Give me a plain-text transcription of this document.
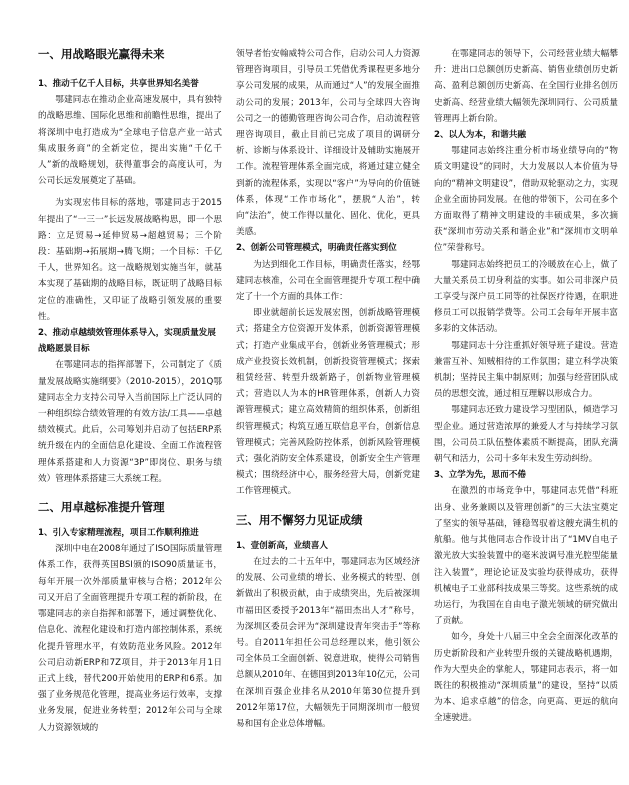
一、用战略眼光赢得未来
1、推动千亿千人目标，共享世界知名美誉

鄂建同志在推动企业高速发展中，具有独特的战略思维、国际化思维和前瞻性思维，提出了将深圳中电打造成为“全球电子信息产业一站式集成服务商”的全新定位，提出实施“千亿千人”新的战略规划，获得董事会的高度认可，为公司长远发展奠定了基础。

为实现宏伟目标的落地，鄂建同志于2015年提出了“一三一”长远发展战略构思，即一个思路：立足贸易→延伸贸易→超越贸易；三个阶段：基础期→拓展期→腾飞期；一个目标：千亿千人，世界知名。这一战略规划实施当年，就基本实现了基础期的战略目标，既证明了战略目标定位的准确性，又印证了战略引领发展的重要性。

2、推动卓越绩效管理体系导入，实现质量发展战略愿景目标

在鄂建同志的指挥部署下，公司制定了《质量发展战略实施纲要》（2010-2015），201Q鄂建同志全力支持公司导入当前国际上广泛认同的一种组织综合绩效管理的有效方法/工具——卓越绩效模式。此后，公司筹划并启动了包括ERP系统升级在内的全面信息化建设、全面工作流程管理体系搭建和人力资源“3P”即岗位、职务与绩效）管理体系搭建三大系统工程。

二、用卓越标准提升管理
1、引入专家精理流程，项目工作顺利推进

深圳中电在2008年通过了ISO国际质量管理体系工作，获得英国BSI颁的ISO90质量证书，每年开展一次外部质量审核与合格；2012年公司又开启了全面管理提升专项工程的新阶段，在鄂建同志的亲自指挥和部署下，通过调整优化、信息化、流程化建设和打造内部控制体系，系统化提升管理水平，有效防范业务风险。2012年公司启动新ERP和7Z项目，并于2013年月1日正式上线，替代200开始使用的ERP和6系。加强了业务规范化管理，提高业务运行效率，支撑业务发展，促进业务转型；2012年公司与全球人力资源领域的

领导者怡安翰威特公司合作，启动公司人力资源管理咨询项目，引导员工凭借优秀课程更多地分享公司发展的成果，从而通过“人”的发展全面推动公司的发展；2013年，公司与全球四大咨询公司之一的德勤管理咨询公司合作，启动流程管理咨询项目，截止目前已完成了项目的调研分析、诊断与体系设计、详细设计及辅助实施展开工作。流程管理体系全面完成，将通过建立健全到新的流程体系，实现以“客户”为导向的价值链体系，体现“工作市场化”，摆脱“人治”，转向“法治”，使工作得以量化、固化、优化，更具美感。

2、创新公司管理模式，明确责任落实到位

为达到细化工作目标，明确责任落实，经鄂建同志核准，公司在全面管理提升专项工程中确定了十一个方面的具体工作：

即业就超前长远发展宏图，创新战略管理模式；搭建全方位资源开发体系，创新资源管理模式；打造产业集成平台，创新业务管理模式；形成产业投资长效机制，创新投资管理模式；探索租赁经营、转型升级新路子，创新物业管理模式；营造以人为本的HR管理体系，创新人力资源管理模式；建立高效精简的组织体系，创新组织管理模式；构筑互通互联信息平台，创新信息管理模式；完善风险防控体系，创新风险管理模式；强化消防安全体系建设，创新安全生产管理模式；围绕经济中心，服务经营大局，创新党建工作管理模式。

三、用不懈努力见证成绩
1、壹创新高，业绩喜人

在过去的二十五年中，鄂建同志为区域经济的发展、公司业绩的增长、业务模式的转型、创新做出了积极贡献，由于成绩突出，先后被深圳市福田区委授予2013年“福田杰出人才”称号，为深圳区委员会评为“深圳建设青年突击手”等称号。自2011年担任公司总经理以来，他引领公司全体员工全面创新、锐意进取，使得公司销售总额从2010年、在德国到2013年10亿元，公司在深圳百强企业排名从2010年第30位提升到2012年第17位，大幅领先于同期深圳市一般贸易和国有企业总体增幅。

在鄂建同志的领导下，公司经营业绩大幅攀升：进出口总额创历史新高、销售业绩创历史新高、盈利总额创历史新高、在全国行业排名创历史新高、经营业绩大幅领先深圳同行、公司质量管理再上新台阶。

2、以人为本，和谐共融

鄂建同志始终注重分析市场业绩导向的“物质文明建设”的同时，大力发展以人本价值为导向的“精神文明建设”，借助双轮驱动之力，实现企业全面协同发展。在他的带领下，公司在多个方面取得了精神文明建设的丰硕成果，多次摘获“深圳市劳动关系和谐企业”和“深圳市文明单位”荣誉称号。

鄂建同志始终把员工的冷暖放在心上，做了大量关系员工切身利益的实事。如公司非深户员工享受与深户员工同等的社保医疗待遇，在职进修员工可以报销学费等。公司工会每年开展丰富多彩的文体活动。

鄂建同志十分注重抓好领导班子建设。营造兼雷互补、知贼相待的工作氛围；建立科学决策机制；坚持民主集中制原则；加强与经营团队成员的思想交流，通过相互理解以形成合力。

鄂建同志还致力建设学习型团队，倾造学习型企业。通过营造浓厚的兼爱人才与持续学习氛围，公司员工队伍整体素质不断提高，团队充满朝气和活力，公司十多年未发生劳动纠纷。

3、立学为先，思而不倦

在激烈的市场竞争中，鄂建同志凭借“科班出身、业务兼顾以及管理创新”的三大法宝奠定了坚实的领导基础，锤稳驾驭着这艘充满生机的航船。他与其他同志合作设计出了“1MV自电子激光放大实验装置中的毫米波调号准光腔型能量注入装置”，理论论证及实验均获得成功，获得机械电子工业部科技成果三等奖。这些系统的成功运行，为我国在自由电子激光领域的研究做出了贡献。

如今，身处十八届三中全会全面深化改革的历史新阶段和产业转型升级的关键战略机遇期，作为大型央企的掌舵人，鄂建同志表示，将一如既往的积极推动“深圳质量”的建设，坚持“以质为本、追求卓越”的信念，向更高、更远的航向全速驶进。
